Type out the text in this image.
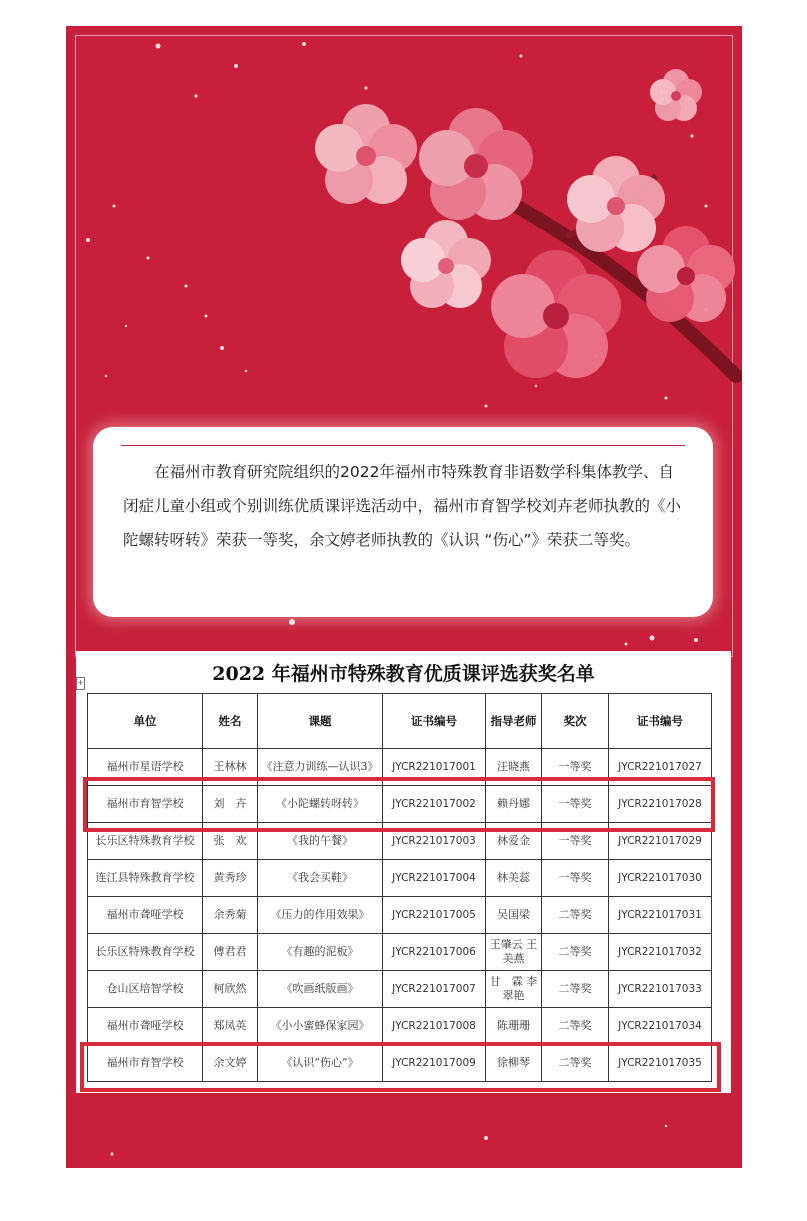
在福州市教育研究院组织的2022年福州市特殊教育非语数学科集体教学、自闭症儿童小组或个别训练优质课评选活动中，福州市育智学校刘卉老师执教的《小陀螺转呀转》荣获一等奖，余文婷老师执教的《认识 “伤心”》荣获二等奖。

+	2022 年福州市特殊教育优质课评选获奖名单
单位	姓名	课题	证书编号	指导老师	奖次	证书编号
福州市星语学校	王林林	《注意力训练—认识3》	JYCR221017001	汪晓燕	一等奖	JYCR221017027
福州市育智学校	刘　卉	《小陀螺转呀转》	JYCR221017002	赖丹娜	一等奖	JYCR221017028
长乐区特殊教育学校	张　欢	《我的午餐》	JYCR221017003	林爱金	一等奖	JYCR221017029
连江县特殊教育学校	黄秀珍	《我会买鞋》	JYCR221017004	林美蕊	一等奖	JYCR221017030
福州市聋哑学校	余秀菊	《压力的作用效果》	JYCR221017005	吴国梁	二等奖	JYCR221017031
长乐区特殊教育学校	傅君君	《有趣的泥板》	JYCR221017006	王肇云 王美燕	二等奖	JYCR221017032
仓山区培智学校	柯欣然	《吹画纸版画》	JYCR221017007	甘　霖 李翠艳	二等奖	JYCR221017033
福州市聋哑学校	郑凤英	《小小蜜蜂保家园》	JYCR221017008	陈珊珊	二等奖	JYCR221017034
福州市育智学校	余文婷	《认识“伤心”》	JYCR221017009	徐柳琴	二等奖	JYCR221017035
